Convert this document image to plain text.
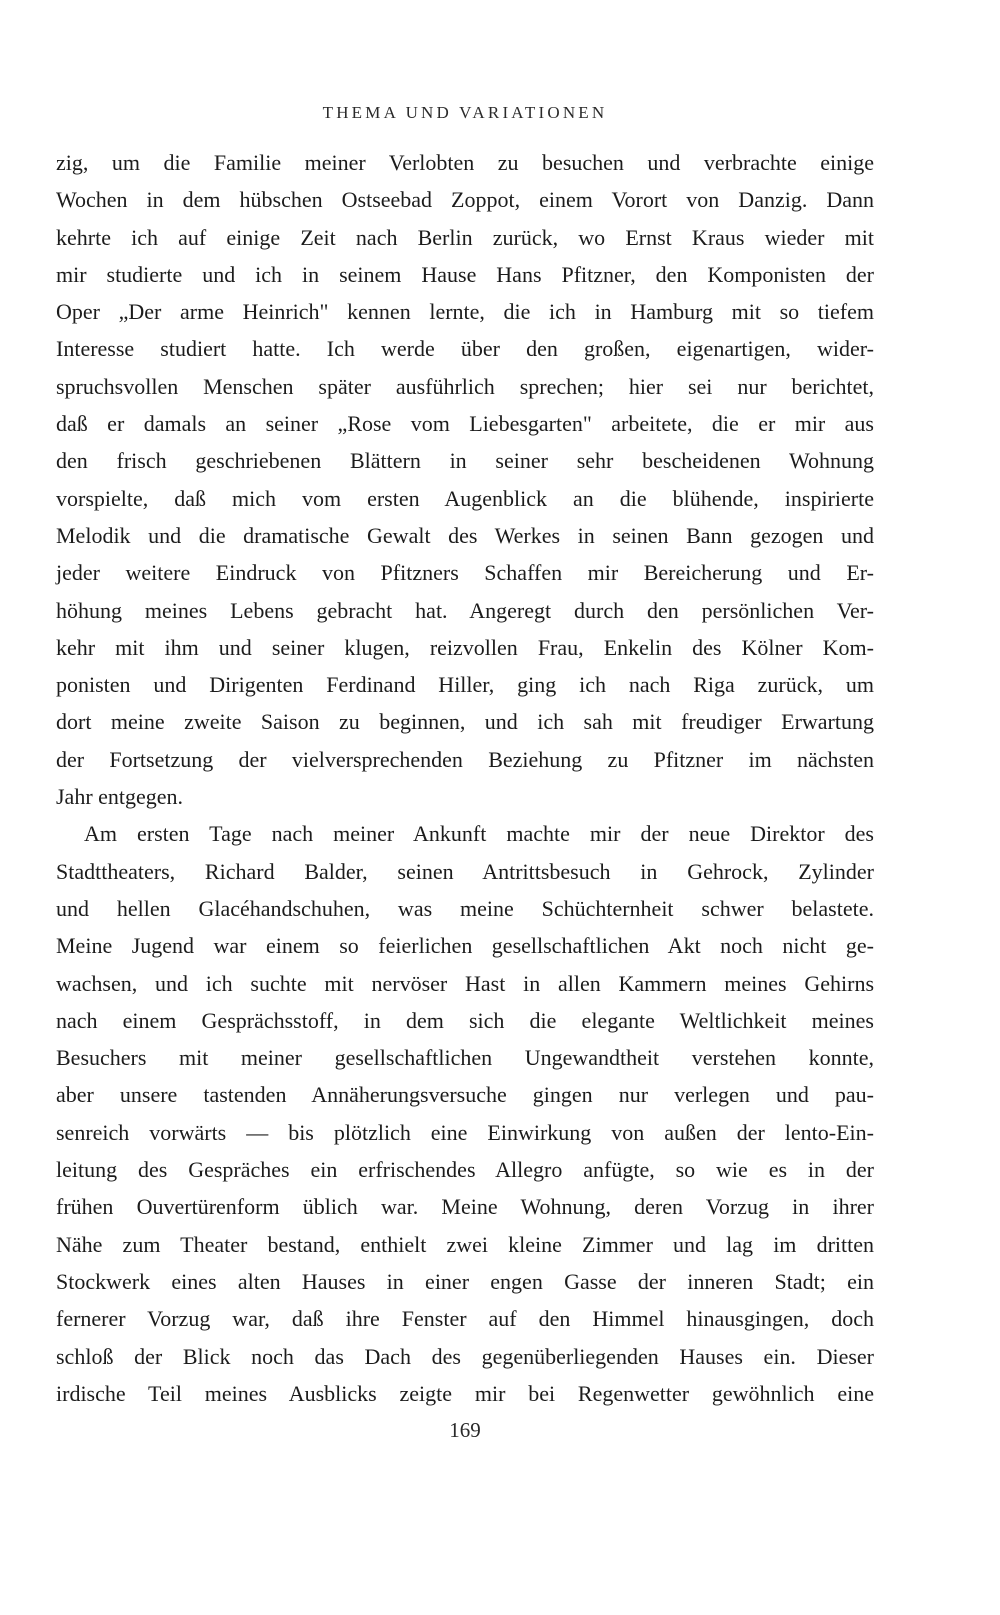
THEMA UND VARIATIONEN
zig, um die Familie meiner Verlobten zu besuchen und verbrachte einige
Wochen in dem hübschen Ostseebad Zoppot, einem Vorort von Danzig. Dann
kehrte ich auf einige Zeit nach Berlin zurück, wo Ernst Kraus wieder mit
mir studierte und ich in seinem Hause Hans Pfitzner, den Komponisten der
Oper „Der arme Heinrich" kennen lernte, die ich in Hamburg mit so tiefem
Interesse studiert hatte. Ich werde über den großen, eigenartigen, wider-
spruchsvollen Menschen später ausführlich sprechen; hier sei nur berichtet,
daß er damals an seiner „Rose vom Liebesgarten" arbeitete, die er mir aus
den frisch geschriebenen Blättern in seiner sehr bescheidenen Wohnung
vorspielte, daß mich vom ersten Augenblick an die blühende, inspirierte
Melodik und die dramatische Gewalt des Werkes in seinen Bann gezogen und
jeder weitere Eindruck von Pfitzners Schaffen mir Bereicherung und Er-
höhung meines Lebens gebracht hat. Angeregt durch den persönlichen Ver-
kehr mit ihm und seiner klugen, reizvollen Frau, Enkelin des Kölner Kom-
ponisten und Dirigenten Ferdinand Hiller, ging ich nach Riga zurück, um
dort meine zweite Saison zu beginnen, und ich sah mit freudiger Erwartung
der Fortsetzung der vielversprechenden Beziehung zu Pfitzner im nächsten
Jahr entgegen.
Am ersten Tage nach meiner Ankunft machte mir der neue Direktor des
Stadttheaters, Richard Balder, seinen Antrittsbesuch in Gehrock, Zylinder
und hellen Glacéhandschuhen, was meine Schüchternheit schwer belastete.
Meine Jugend war einem so feierlichen gesellschaftlichen Akt noch nicht ge-
wachsen, und ich suchte mit nervöser Hast in allen Kammern meines Gehirns
nach einem Gesprächsstoff, in dem sich die elegante Weltlichkeit meines
Besuchers mit meiner gesellschaftlichen Ungewandtheit verstehen konnte,
aber unsere tastenden Annäherungsversuche gingen nur verlegen und pau-
senreich vorwärts — bis plötzlich eine Einwirkung von außen der lento-Ein-
leitung des Gespräches ein erfrischendes Allegro anfügte, so wie es in der
frühen Ouvertürenform üblich war. Meine Wohnung, deren Vorzug in ihrer
Nähe zum Theater bestand, enthielt zwei kleine Zimmer und lag im dritten
Stockwerk eines alten Hauses in einer engen Gasse der inneren Stadt; ein
fernerer Vorzug war, daß ihre Fenster auf den Himmel hinausgingen, doch
schloß der Blick noch das Dach des gegenüberliegenden Hauses ein. Dieser
irdische Teil meines Ausblicks zeigte mir bei Regenwetter gewöhnlich eine
169
